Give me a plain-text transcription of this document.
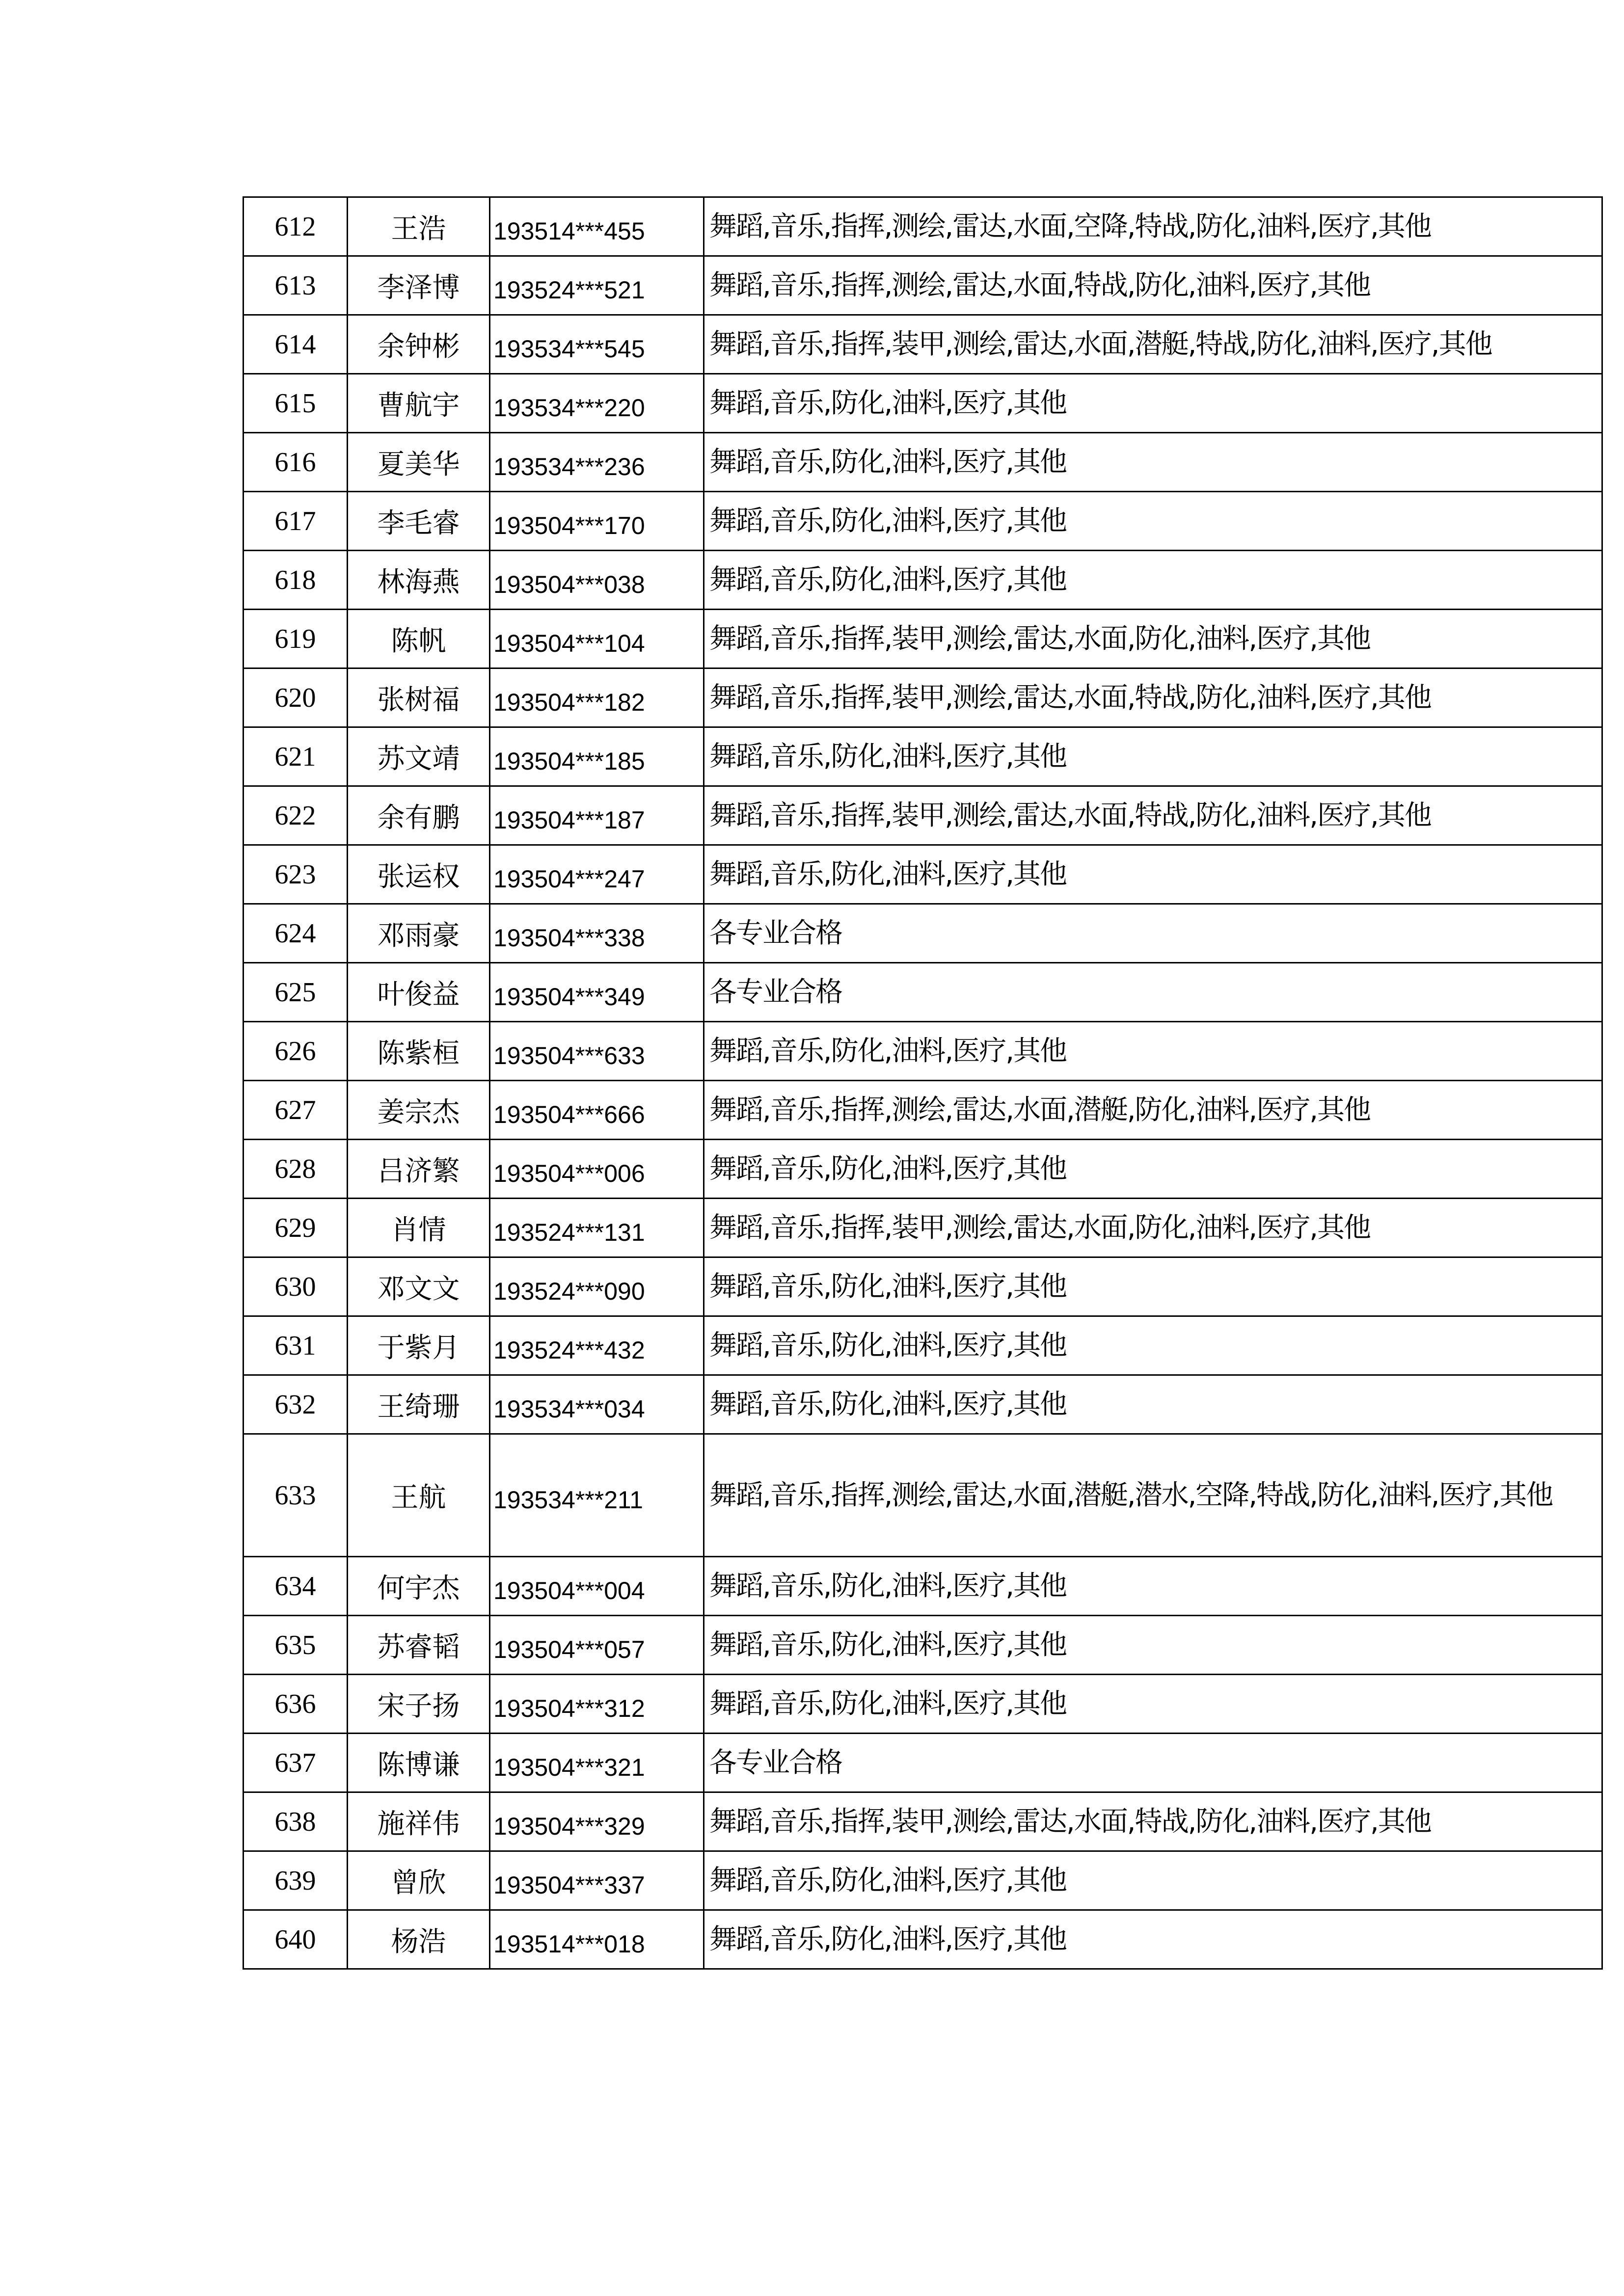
612	王浩	193514***455	舞蹈,音乐,指挥,测绘,雷达,水面,空降,特战,防化,油料,医疗,其他
613	李泽博	193524***521	舞蹈,音乐,指挥,测绘,雷达,水面,特战,防化,油料,医疗,其他
614	余钟彬	193534***545	舞蹈,音乐,指挥,装甲,测绘,雷达,水面,潜艇,特战,防化,油料,医疗,其他
615	曹航宇	193534***220	舞蹈,音乐,防化,油料,医疗,其他
616	夏美华	193534***236	舞蹈,音乐,防化,油料,医疗,其他
617	李毛睿	193504***170	舞蹈,音乐,防化,油料,医疗,其他
618	林海燕	193504***038	舞蹈,音乐,防化,油料,医疗,其他
619	陈帆	193504***104	舞蹈,音乐,指挥,装甲,测绘,雷达,水面,防化,油料,医疗,其他
620	张树福	193504***182	舞蹈,音乐,指挥,装甲,测绘,雷达,水面,特战,防化,油料,医疗,其他
621	苏文靖	193504***185	舞蹈,音乐,防化,油料,医疗,其他
622	余有鹏	193504***187	舞蹈,音乐,指挥,装甲,测绘,雷达,水面,特战,防化,油料,医疗,其他
623	张运权	193504***247	舞蹈,音乐,防化,油料,医疗,其他
624	邓雨豪	193504***338	各专业合格
625	叶俊益	193504***349	各专业合格
626	陈紫桓	193504***633	舞蹈,音乐,防化,油料,医疗,其他
627	姜宗杰	193504***666	舞蹈,音乐,指挥,测绘,雷达,水面,潜艇,防化,油料,医疗,其他
628	吕济繁	193504***006	舞蹈,音乐,防化,油料,医疗,其他
629	肖情	193524***131	舞蹈,音乐,指挥,装甲,测绘,雷达,水面,防化,油料,医疗,其他
630	邓文文	193524***090	舞蹈,音乐,防化,油料,医疗,其他
631	于紫月	193524***432	舞蹈,音乐,防化,油料,医疗,其他
632	王绮珊	193534***034	舞蹈,音乐,防化,油料,医疗,其他
633	王航	193534***211	舞蹈,音乐,指挥,测绘,雷达,水面,潜艇,潜水,空降,特战,防化,油料,医疗,其他
634	何宇杰	193504***004	舞蹈,音乐,防化,油料,医疗,其他
635	苏睿韬	193504***057	舞蹈,音乐,防化,油料,医疗,其他
636	宋子扬	193504***312	舞蹈,音乐,防化,油料,医疗,其他
637	陈博谦	193504***321	各专业合格
638	施祥伟	193504***329	舞蹈,音乐,指挥,装甲,测绘,雷达,水面,特战,防化,油料,医疗,其他
639	曾欣	193504***337	舞蹈,音乐,防化,油料,医疗,其他
640	杨浩	193514***018	舞蹈,音乐,防化,油料,医疗,其他
